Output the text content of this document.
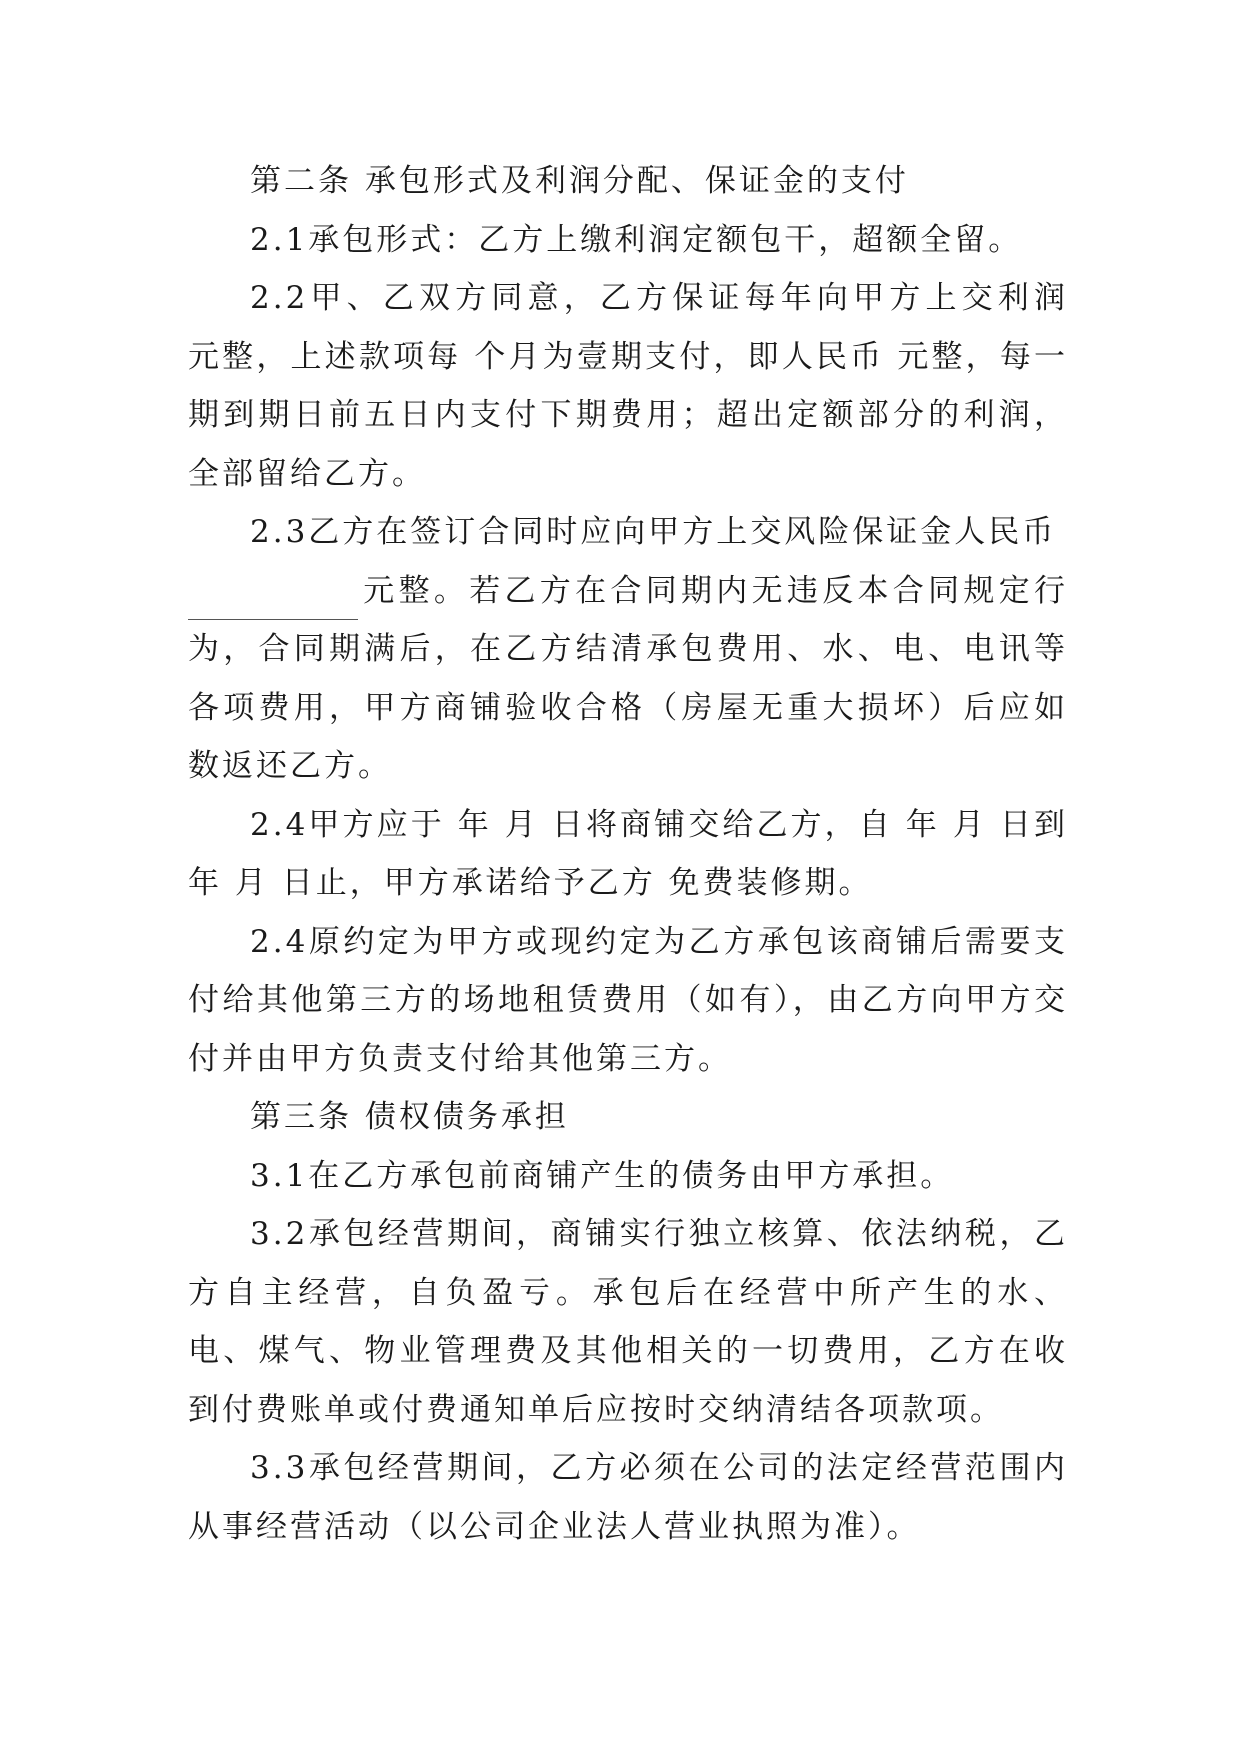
第二条 承包形式及利润分配、保证金的支付

2.1承包形式：乙方上缴利润定额包干，超额全留。

2.2甲、乙双方同意，乙方保证每年向甲方上交利润 元整，上述款项每 个月为壹期支付，即人民币 元整，每一期到期日前五日内支付下期费用；超出定额部分的利润，全部留给乙方。

2.3乙方在签订合同时应向甲方上交风险保证金人民币

元整。若乙方在合同期内无违反本合同规定行为，合同期满后，在乙方结清承包费用、水、电、电讯等各项费用，甲方商铺验收合格（房屋无重大损坏）后应如数返还乙方。

2.4甲方应于 年 月 日将商铺交给乙方，自 年 月 日到 年 月 日止，甲方承诺给予乙方 免费装修期。

2.4原约定为甲方或现约定为乙方承包该商铺后需要支付给其他第三方的场地租赁费用（如有），由乙方向甲方交付并由甲方负责支付给其他第三方。

第三条 债权债务承担

3.1在乙方承包前商铺产生的债务由甲方承担。

3.2承包经营期间，商铺实行独立核算、依法纳税，乙方自主经营，自负盈亏。承包后在经营中所产生的水、电、煤气、物业管理费及其他相关的一切费用，乙方在收到付费账单或付费通知单后应按时交纳清结各项款项。

3.3承包经营期间，乙方必须在公司的法定经营范围内从事经营活动（以公司企业法人营业执照为准）。
